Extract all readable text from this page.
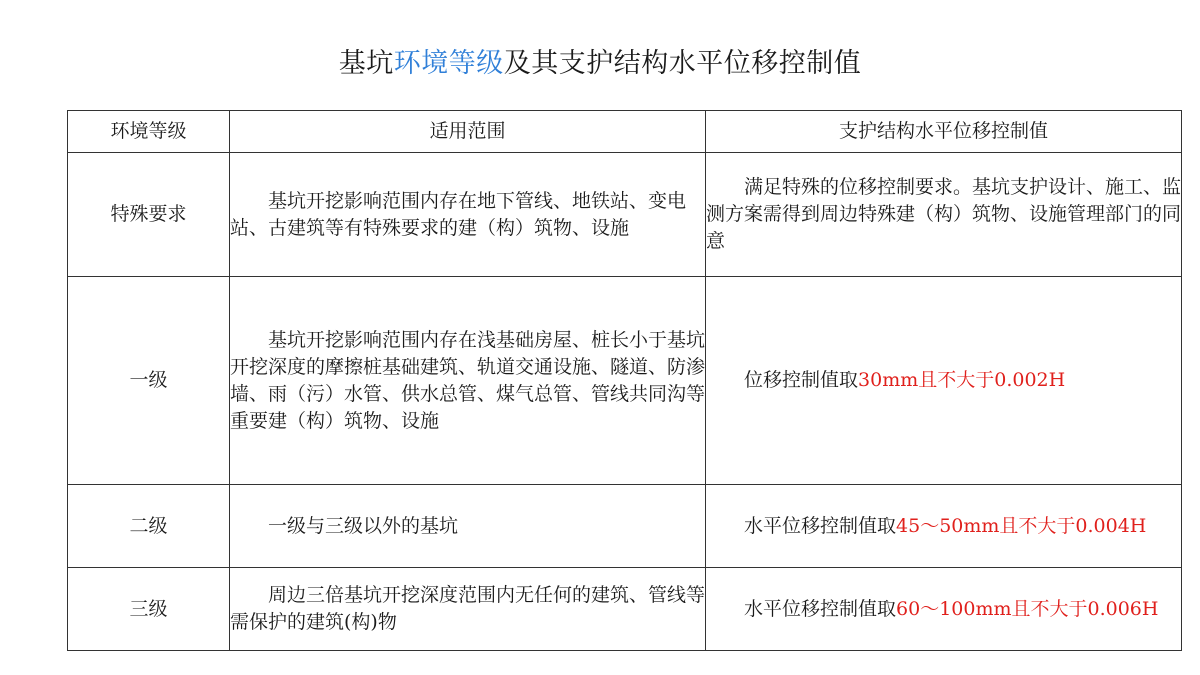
基坑环境等级及其支护结构水平位移控制值
环境等级	适用范围	支护结构水平位移控制值
特殊要求	基坑开挖影响范围内存在地下管线、地铁站、变电站、古建筑等有特殊要求的建（构）筑物、设施	满足特殊的位移控制要求。基坑支护设计、施工、监测方案需得到周边特殊建（构）筑物、设施管理部门的同意

一级	基坑开挖影响范围内存在浅基础房屋、桩长小于基坑开挖深度的摩擦桩基础建筑、轨道交通设施、隧道、防渗墙、雨（污）水管、供水总管、煤气总管、管线共同沟等重要建（构）筑物、设施	位移控制值取30mm且不大于0.002H

二级	一级与三级以外的基坑	水平位移控制值取45～50mm且不大于0.004H

三级	周边三倍基坑开挖深度范围内无任何的建筑、管线等需保护的建筑(构)物	水平位移控制值取60～100mm且不大于0.006H
